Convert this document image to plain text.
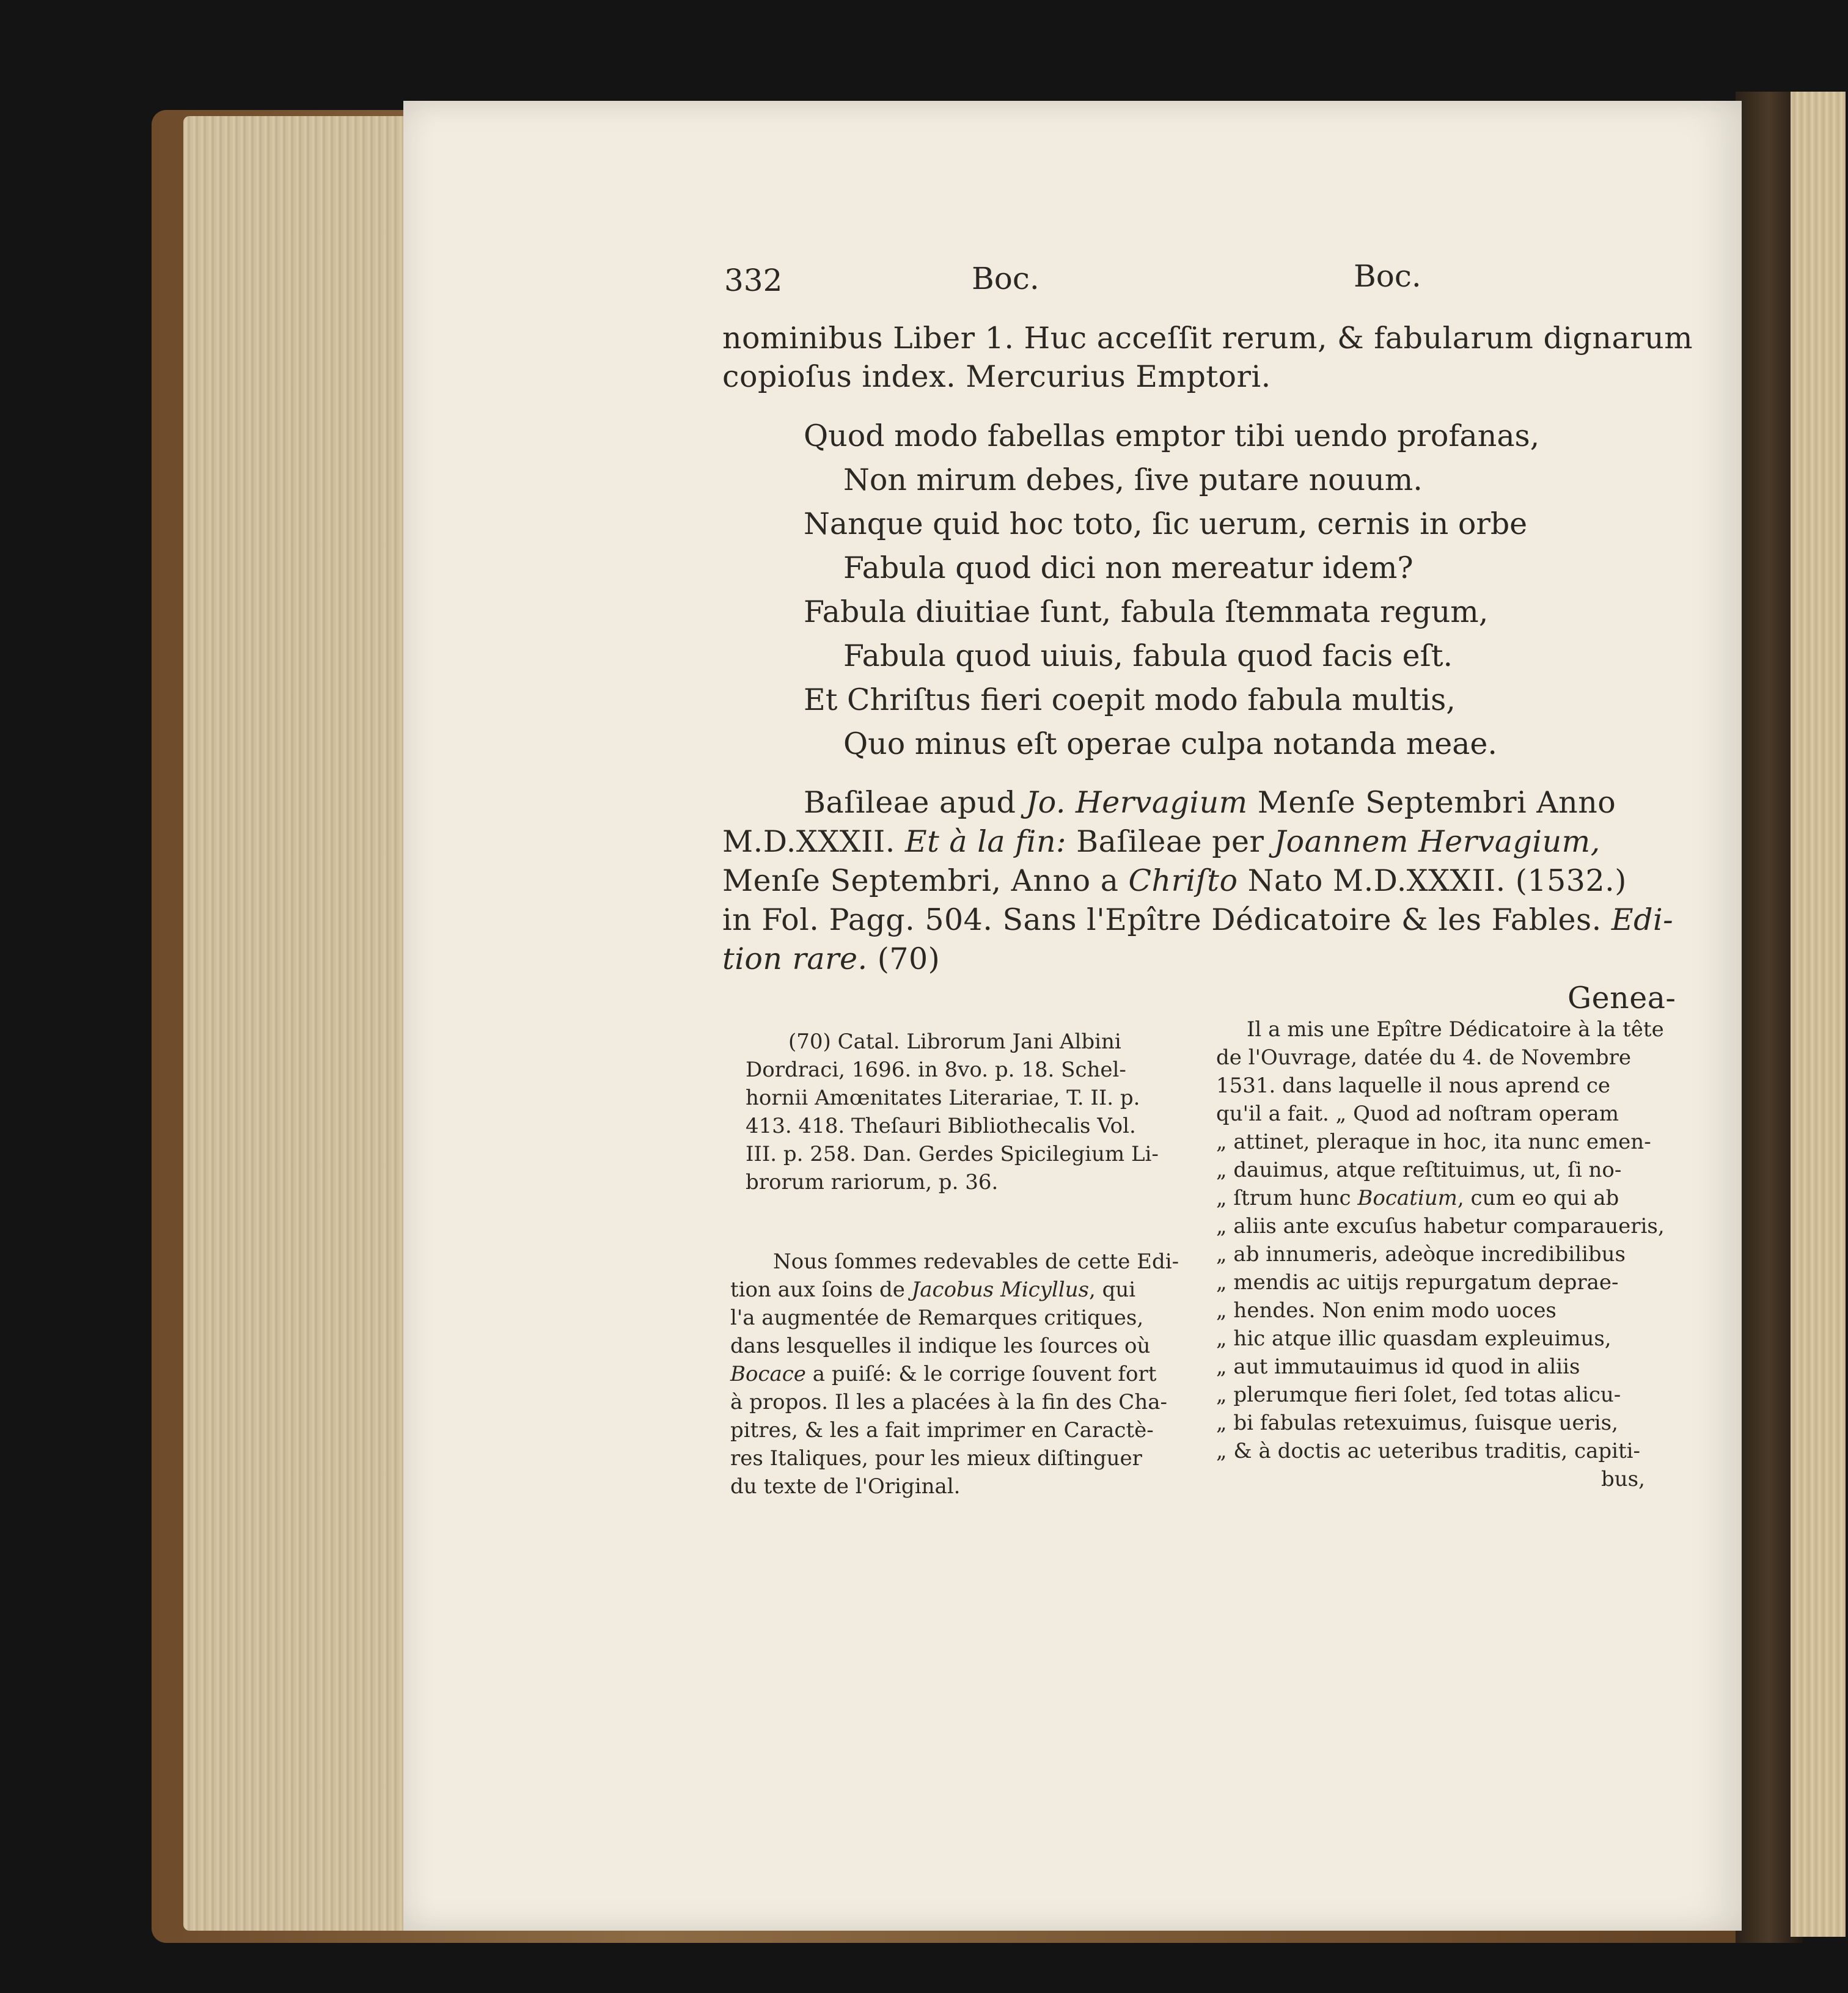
332	Boc.	Boc.
nominibus Liber 1. Huc acceſſit rerum, & fabularum dignarum
copioſus index. Mercurius Emptori.
Quod modo fabellas emptor tibi uendo profanas,
Non mirum debes, ſive putare nouum.
Nanque quid hoc toto, ſic uerum, cernis in orbe
Fabula quod dici non mereatur idem?
Fabula diuitiae ſunt, fabula ſtemmata regum,
Fabula quod uiuis, fabula quod facis eſt.
Et Chriſtus fieri coepit modo fabula multis,
Quo minus eſt operae culpa notanda meae.
Baſileae apud Jo. Hervagium Menſe Septembri Anno
M.D.XXXII. Et à la fin: Baſileae per Joannem Hervagium,
Menſe Septembri, Anno a Chriſto Nato M.D.XXXII. (1532.)
in Fol. Pagg. 504. Sans l'Epître Dédicatoire & les Fables. Edi-
tion rare. (70)
Genea-
(70) Catal. Librorum Jani Albini
Dordraci, 1696. in 8vo. p. 18. Schel-
hornii Amœnitates Literariae, T. II. p.
413. 418. Theſauri Bibliothecalis Vol.
III. p. 258. Dan. Gerdes Spicilegium Li-
brorum rariorum, p. 36.
Nous ſommes redevables de cette Edi-
tion aux ſoins de Jacobus Micyllus, qui
l'a augmentée de Remarques critiques,
dans lesquelles il indique les ſources où
Bocace a puiſé: & le corrige ſouvent fort
à propos. Il les a placées à la fin des Cha-
pitres, & les a fait imprimer en Caractè-
res Italiques, pour les mieux diſtinguer
du texte de l'Original.
Il a mis une Epître Dédicatoire à la tête
de l'Ouvrage, datée du 4. de Novembre
1531. dans laquelle il nous aprend ce
qu'il a fait. „ Quod ad noſtram operam
„ attinet, pleraque in hoc, ita nunc emen-
„ dauimus, atque reſtituimus, ut, ſi no-
„ ſtrum hunc Bocatium, cum eo qui ab
„ aliis ante excuſus habetur comparaueris,
„ ab innumeris, adeòque incredibilibus
„ mendis ac uitijs repurgatum deprae-
„ hendes. Non enim modo uoces
„ hic atque illic quasdam expleuimus,
„ aut immutauimus id quod in aliis
„ plerumque fieri ſolet, ſed totas alicu-
„ bi fabulas retexuimus, ſuisque ueris,
„ & à doctis ac ueteribus traditis, capiti-
bus,
